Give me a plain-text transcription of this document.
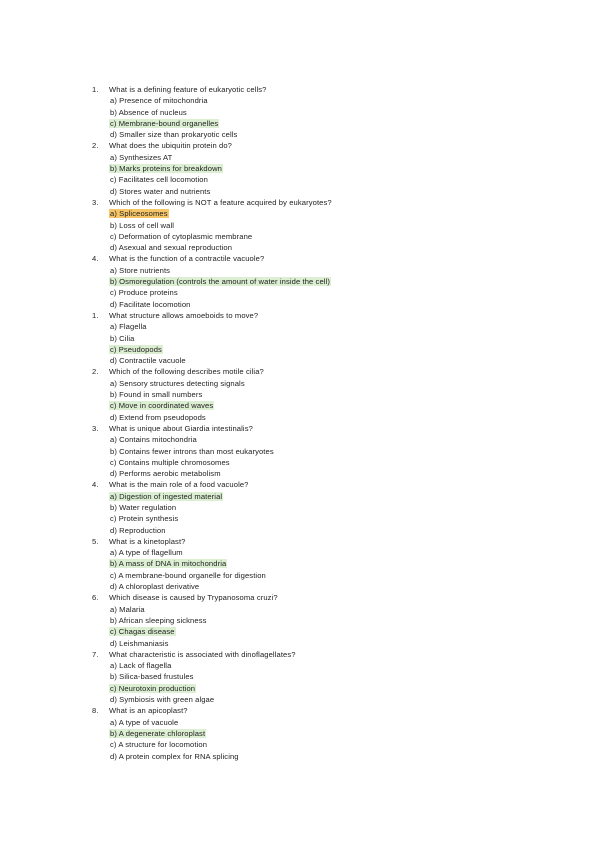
1.	What is a defining feature of eukaryotic cells?
a) Presence of mitochondria
b) Absence of nucleus
c) Membrane-bound organelles
d) Smaller size than prokaryotic cells
2.	What does the ubiquitin protein do?
a) Synthesizes AT
b) Marks proteins for breakdown
c) Facilitates cell locomotion
d) Stores water and nutrients
3.	Which of the following is NOT a feature acquired by eukaryotes?
a) Spliceosomes
b) Loss of cell wall
c) Deformation of cytoplasmic membrane
d) Asexual and sexual reproduction
4.	What is the function of a contractile vacuole?
a) Store nutrients
b) Osmoregulation (controls the amount of water inside the cell)
c) Produce proteins
d) Facilitate locomotion
1.	What structure allows amoeboids to move?
a) Flagella
b) Cilia
c) Pseudopods
d) Contractile vacuole
2.	Which of the following describes motile cilia?
a) Sensory structures detecting signals
b) Found in small numbers
c) Move in coordinated waves
d) Extend from pseudopods
3.	What is unique about Giardia intestinalis?
a) Contains mitochondria
b) Contains fewer introns than most eukaryotes
c) Contains multiple chromosomes
d) Performs aerobic metabolism
4.	What is the main role of a food vacuole?
a) Digestion of ingested material
b) Water regulation
c) Protein synthesis
d) Reproduction
5.	What is a kinetoplast?
a) A type of flagellum
b) A mass of DNA in mitochondria
c) A membrane-bound organelle for digestion
d) A chloroplast derivative
6.	Which disease is caused by Trypanosoma cruzi?
a) Malaria
b) African sleeping sickness
c) Chagas disease
d) Leishmaniasis
7.	What characteristic is associated with dinoflagellates?
a) Lack of flagella
b) Silica-based frustules
c) Neurotoxin production
d) Symbiosis with green algae
8.	What is an apicoplast?
a) A type of vacuole
b) A degenerate chloroplast
c) A structure for locomotion
d) A protein complex for RNA splicing
